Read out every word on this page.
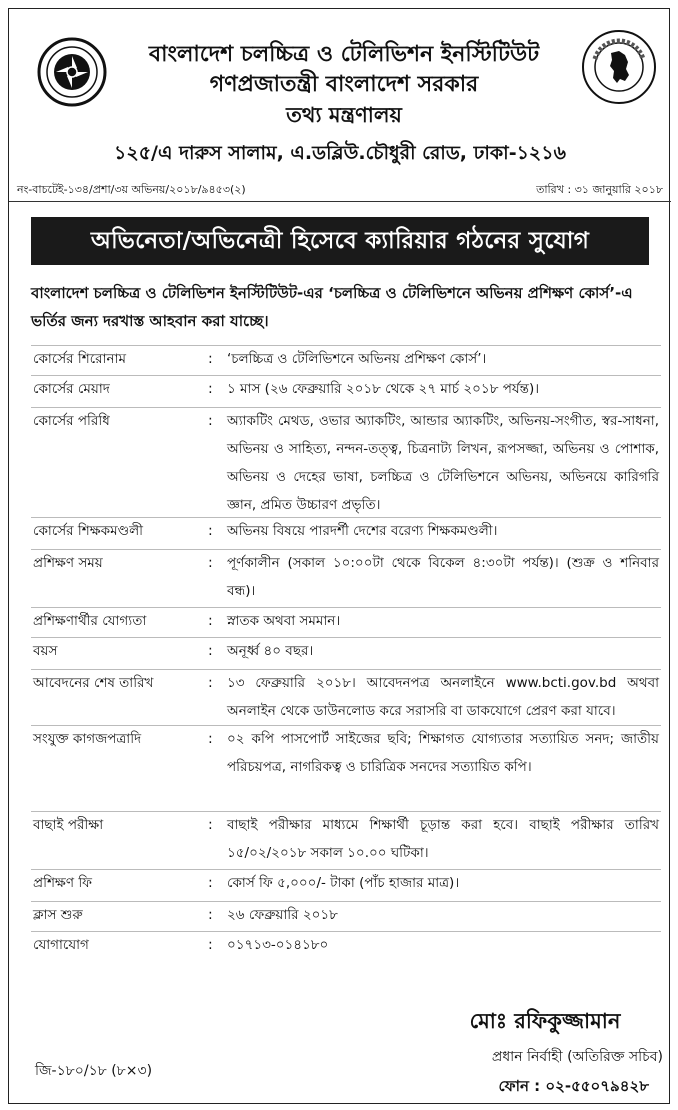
বাংলাদেশ চলচ্চিত্র ও টেলিভিশন ইনস্টিটিউট
গণপ্রজাতন্ত্রী বাংলাদেশ সরকার
তথ্য মন্ত্রণালয়
১২৫/এ দারুস সালাম, এ.ডব্লিউ.চৌধুরী রোড, ঢাকা-১২১৬
নং-বাচটেই-১৩৪/প্রশা/৩য় অভিনয়/২০১৮/৯৪৫৩(২)	তারিখ : ৩১ জানুয়ারি ২০১৮
অভিনেতা/অভিনেত্রী হিসেবে ক্যারিয়ার গঠনের সুযোগ
বাংলাদেশ চলচ্চিত্র ও টেলিভিশন ইনস্টিটিউট-এর ‘চলচ্চিত্র ও টেলিভিশনে অভিনয় প্রশিক্ষণ কোর্স’-এ ভর্তির জন্য দরখাস্ত আহবান করা যাচ্ছে।
কোর্সের শিরোনাম	: ‘চলচ্চিত্র ও টেলিভিশনে অভিনয় প্রশিক্ষণ কোর্স’।
কোর্সের মেয়াদ	: ১ মাস (২৬ ফেব্রুয়ারি ২০১৮ থেকে ২৭ মার্চ ২০১৮ পর্যন্ত)।
কোর্সের পরিধি	: অ্যাকটিং মেথড, ওভার অ্যাকটিং, আন্ডার অ্যাকটিং, অভিনয়-সংগীত, স্বর-সাধনা, অভিনয় ও সাহিত্য, নন্দন-তত্ত্ব, চিত্রনাট্য লিখন, রূপসজ্জা, অভিনয় ও পোশাক, অভিনয় ও দেহের ভাষা, চলচ্চিত্র ও টেলিভিশনে অভিনয়, অভিনয়ে কারিগরি জ্ঞান, প্রমিত উচ্চারণ প্রভৃতি।
কোর্সের শিক্ষকমণ্ডলী	: অভিনয় বিষয়ে পারদর্শী দেশের বরেণ্য শিক্ষকমণ্ডলী।
প্রশিক্ষণ সময়	: পূর্ণকালীন (সকাল ১০:০০টা থেকে বিকেল ৪:৩০টা পর্যন্ত)। (শুক্র ও শনিবার বন্ধ)।
প্রশিক্ষণার্থীর যোগ্যতা	: স্নাতক অথবা সমমান।
বয়স	: অনূর্ধ্ব ৪০ বছর।
আবেদনের শেষ তারিখ	: ১৩ ফেব্রুয়ারি ২০১৮। আবেদনপত্র অনলাইনে www.bcti.gov.bd অথবা অনলাইন থেকে ডাউনলোড করে সরাসরি বা ডাকযোগে প্রেরণ করা যাবে।
সংযুক্ত কাগজপত্রাদি	: ০২ কপি পাসপোর্ট সাইজের ছবি; শিক্ষাগত যোগ্যতার সত্যায়িত সনদ; জাতীয় পরিচয়পত্র, নাগরিকত্ব ও চারিত্রিক সনদের সত্যায়িত কপি।
বাছাই পরীক্ষা	: বাছাই পরীক্ষার মাধ্যমে শিক্ষার্থী চূড়ান্ত করা হবে। বাছাই পরীক্ষার তারিখ ১৫/০২/২০১৮ সকাল ১০.০০ ঘটিকা।
প্রশিক্ষণ ফি	: কোর্স ফি ৫,০০০/- টাকা (পাঁচ হাজার মাত্র)।
ক্লাস শুরু	: ২৬ ফেব্রুয়ারি ২০১৮
যোগাযোগ	: ০১৭১৩-০১৪১৮০
মোঃ রফিকুজ্জামান
প্রধান নির্বাহী (অতিরিক্ত সচিব)
ফোন : ০২-৫৫০৭৯৪২৮
জি-১৮০/১৮ (৮×৩)
